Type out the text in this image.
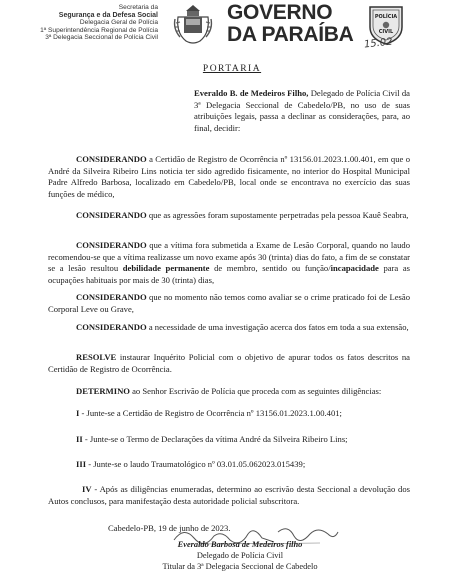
Secretaria da
Segurança e da Defesa Social
Delegacia Geral de Polícia
1ª Superintendência Regional de Polícia
3ª Delegacia Seccional de Polícia Civil
GOVERNO
DA PARAÍBA
POLÍCIA
CIVIL
15.02
PORTARIA
Everaldo B. de Medeiros Filho, Delegado de Polícia Civil da 3ª Delegacia Seccional de Cabedelo/PB, no uso de suas atribuições legais, passa a declinar as considerações, para, ao final, decidir:
CONSIDERANDO a Certidão de Registro de Ocorrência nº 13156.01.2023.1.00.401, em que o André da Silveira Ribeiro Lins noticia ter sido agredido fisicamente, no interior do Hospital Municipal Padre Alfredo Barbosa, localizado em Cabedelo/PB, local onde se encontrava no exercício das suas funções de médico,
CONSIDERANDO que as agressões foram supostamente perpetradas pela pessoa Kauê Seabra,
CONSIDERANDO que a vítima fora submetida a Exame de Lesão Corporal, quando no laudo recomendou-se que a vítima realizasse um novo exame após 30 (trinta) dias do fato, a fim de se constatar se a lesão resultou debilidade permanente de membro, sentido ou função/incapacidade para as ocupações habituais por mais de 30 (trinta) dias,
CONSIDERANDO que no momento não temos como avaliar se o crime praticado foi de Lesão Corporal Leve ou Grave,
CONSIDERANDO a necessidade de uma investigação acerca dos fatos em toda a sua extensão,
RESOLVE instaurar Inquérito Policial com o objetivo de apurar todos os fatos descritos na Certidão de Registro de Ocorrência.
DETERMINO ao Senhor Escrivão de Polícia que proceda com as seguintes diligências:
I - Junte-se a Certidão de Registro de Ocorrência nº 13156.01.2023.1.00.401;
II - Junte-se o Termo de Declarações da vítima André da Silveira Ribeiro Lins;
III - Junte-se o laudo Traumatológico nº 03.01.05.062023.015439;
IV - Após as diligências enumeradas, determino ao escrivão desta Seccional a devolução dos Autos conclusos, para manifestação desta autoridade policial subscritora.
Cabedelo-PB, 19 de junho de 2023.
Everaldo Barbosa de Medeiros filho
Delegado de Polícia Civil
Titular da 3ª Delegacia Seccional de Cabedelo
